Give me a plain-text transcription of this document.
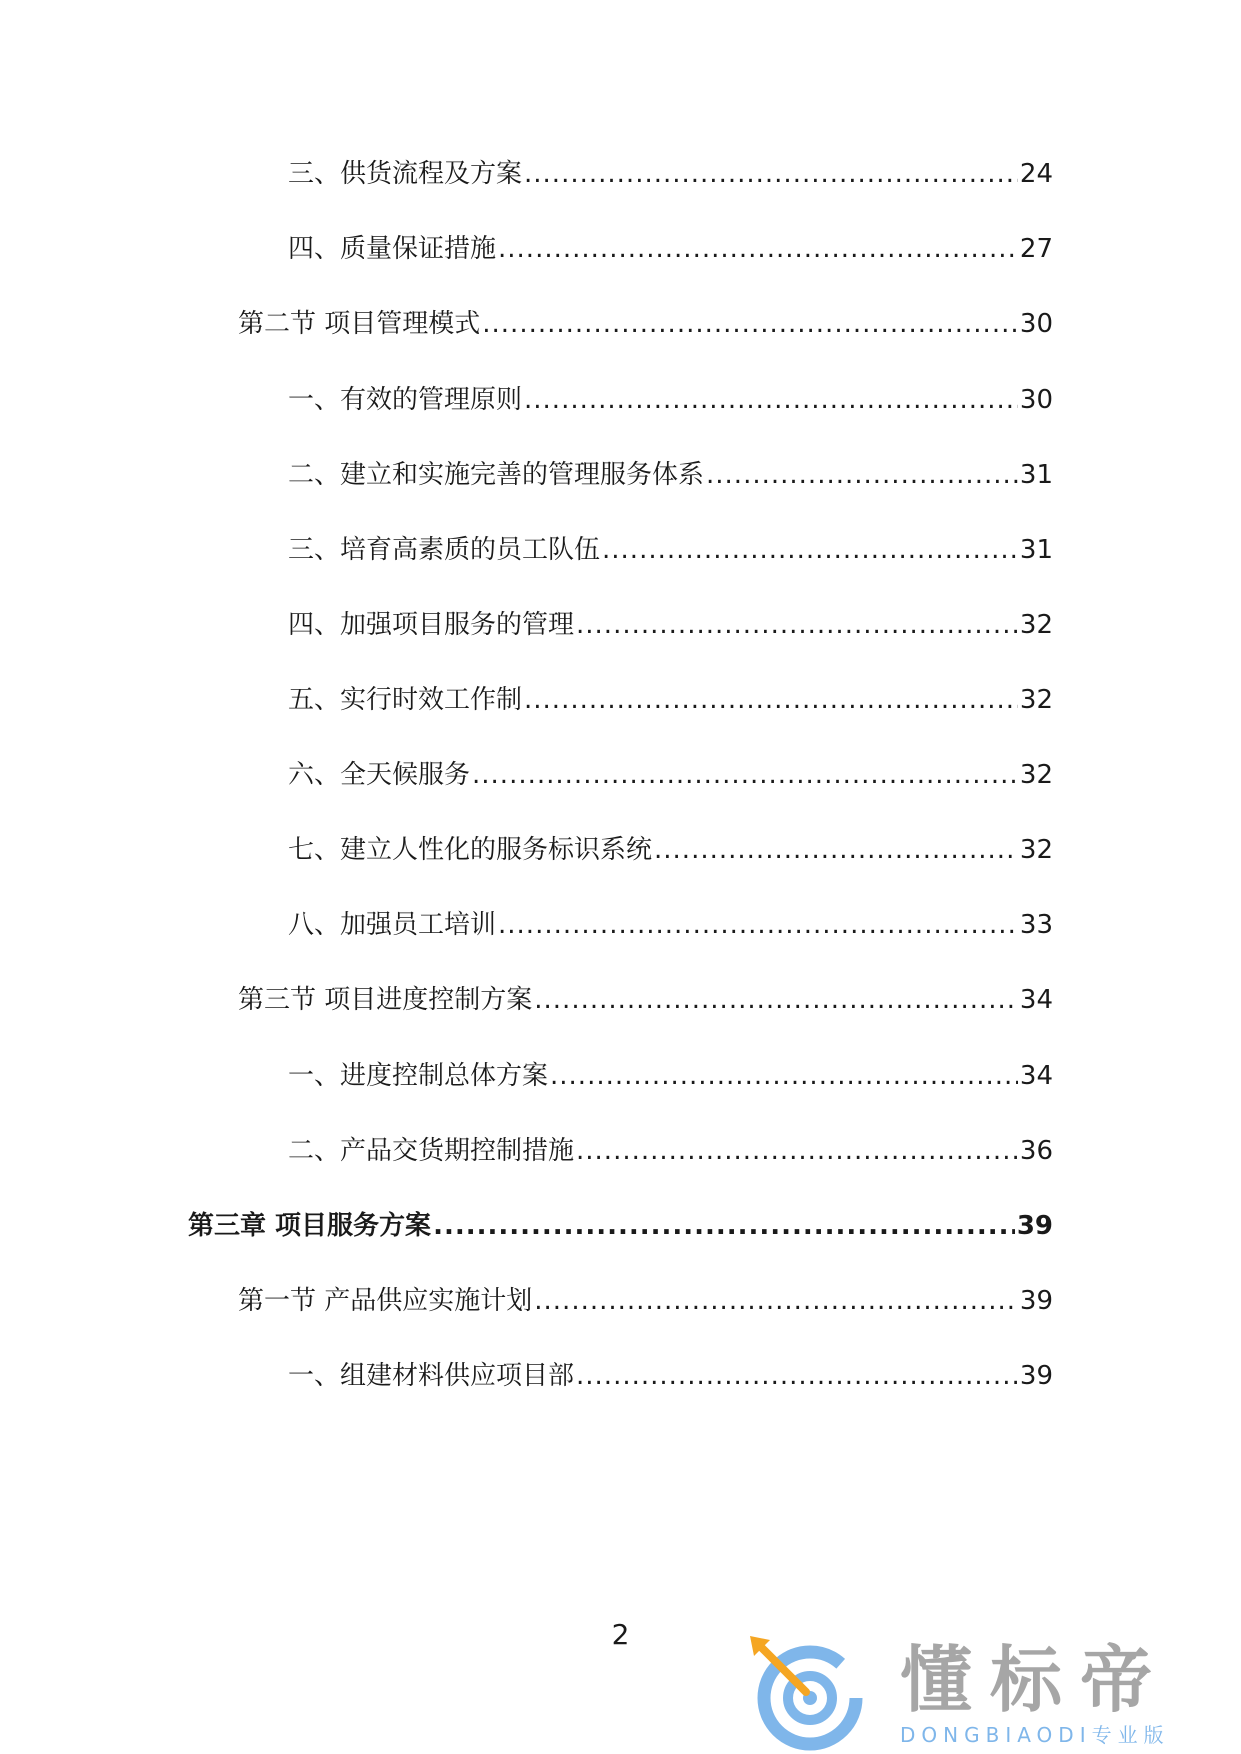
三、供货流程及方案 .....	24
四、质量保证措施 .....	27
第二节 项目管理模式 .....	30
一、有效的管理原则 .....	30
二、建立和实施完善的管理服务体系 .....	31
三、培育高素质的员工队伍 .....	31
四、加强项目服务的管理 .....	32
五、实行时效工作制 .....	32
六、全天候服务 .....	32
七、建立人性化的服务标识系统 .....	32
八、加强员工培训 .....	33
第三节 项目进度控制方案 .....	34
一、进度控制总体方案 .....	34
二、产品交货期控制措施 .....	36
第三章 项目服务方案 .....	39
第一节 产品供应实施计划 .....	39
一、组建材料供应项目部 .....	39
2
懂标帝
DONGBIAODI专业版
